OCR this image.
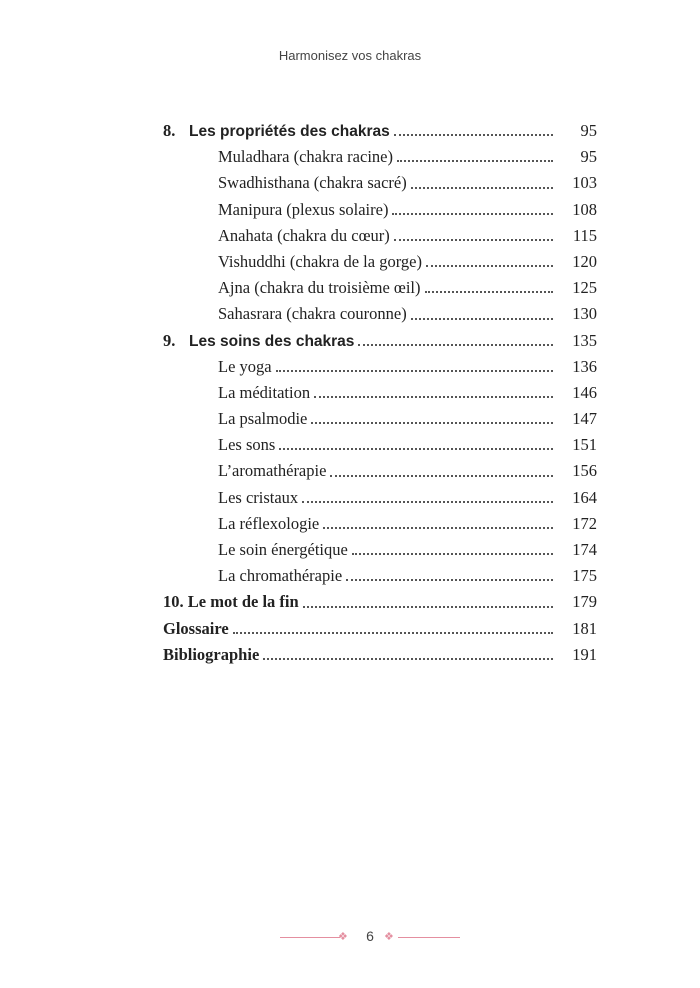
Harmonisez vos chakras
8. Les propriétés des chakras	95
Muladhara (chakra racine)	95
Swadhisthana (chakra sacré)	103
Manipura (plexus solaire)	108
Anahata (chakra du cœur)	115
Vishuddhi (chakra de la gorge)	120
Ajna (chakra du troisième œil)	125
Sahasrara (chakra couronne)	130
9. Les soins des chakras	135
Le yoga	136
La méditation	146
La psalmodie	147
Les sons	151
L’aromathérapie	156
Les cristaux	164
La réflexologie	172
Le soin énergétique	174
La chromathérapie	175
10. Le mot de la fin	179
Glossaire	181
Bibliographie	191
❖	6 ❖
